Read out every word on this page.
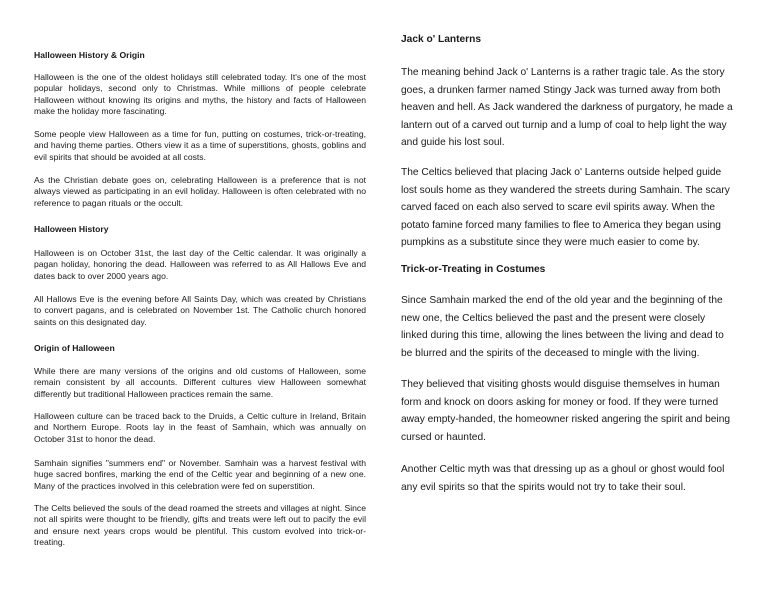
Halloween History & Origin

Halloween is the one of the oldest holidays still celebrated today. It's one of the most popular holidays, second only to Christmas. While millions of people celebrate Halloween without knowing its origins and myths, the history and facts of Halloween make the holiday more fascinating.

Some people view Halloween as a time for fun, putting on costumes, trick-or-treating, and having theme parties. Others view it as a time of superstitions, ghosts, goblins and evil spirits that should be avoided at all costs.

As the Christian debate goes on, celebrating Halloween is a preference that is not always viewed as participating in an evil holiday. Halloween is often celebrated with no reference to pagan rituals or the occult.

Halloween History

Halloween is on October 31st, the last day of the Celtic calendar. It was originally a pagan holiday, honoring the dead. Halloween was referred to as All Hallows Eve and dates back to over 2000 years ago.

All Hallows Eve is the evening before All Saints Day, which was created by Christians to convert pagans, and is celebrated on November 1st. The Catholic church honored saints on this designated day.

Origin of Halloween

While there are many versions of the origins and old customs of Halloween, some remain consistent by all accounts. Different cultures view Halloween somewhat differently but traditional Halloween practices remain the same.

Halloween culture can be traced back to the Druids, a Celtic culture in Ireland, Britain and Northern Europe. Roots lay in the feast of Samhain, which was annually on October 31st to honor the dead.

Samhain signifies "summers end" or November. Samhain was a harvest festival with huge sacred bonfires, marking the end of the Celtic year and beginning of a new one. Many of the practices involved in this celebration were fed on superstition.

The Celts believed the souls of the dead roamed the streets and villages at night. Since not all spirits were thought to be friendly, gifts and treats were left out to pacify the evil and ensure next years crops would be plentiful. This custom evolved into trick-or-treating.

Jack o' Lanterns

The meaning behind Jack o' Lanterns is a rather tragic tale. As the story goes, a drunken farmer named Stingy Jack was turned away from both heaven and hell. As Jack wandered the darkness of purgatory, he made a lantern out of a carved out turnip and a lump of coal to help light the way and guide his lost soul.

The Celtics believed that placing Jack o' Lanterns outside helped guide lost souls home as they wandered the streets during Samhain. The scary carved faced on each also served to scare evil spirits away. When the potato famine forced many families to flee to America they began using pumpkins as a substitute since they were much easier to come by.

Trick-or-Treating in Costumes

Since Samhain marked the end of the old year and the beginning of the new one, the Celtics believed the past and the present were closely linked during this time, allowing the lines between the living and dead to be blurred and the spirits of the deceased to mingle with the living.

They believed that visiting ghosts would disguise themselves in human form and knock on doors asking for money or food. If they were turned away empty-handed, the homeowner risked angering the spirit and being cursed or haunted.

Another Celtic myth was that dressing up as a ghoul or ghost would fool any evil spirits so that the spirits would not try to take their soul.
